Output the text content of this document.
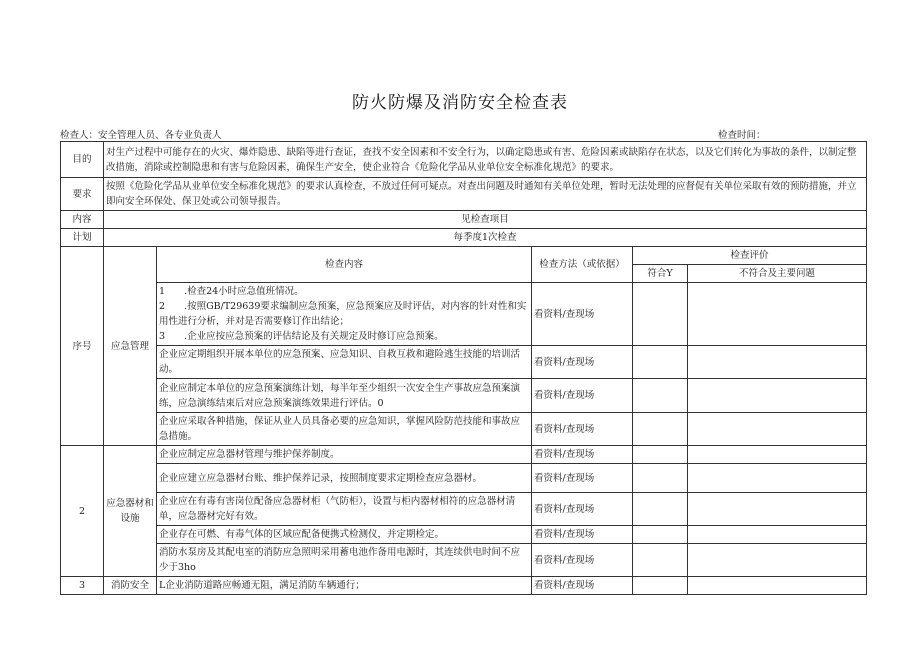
防火防爆及消防安全检查表
检查人：安全管理人员、各专业负责人	检查时间：
目的	对生产过程中可能存在的火灾、爆炸隐患、缺陷等进行查证，查找不安全因素和不安全行为，以确定隐患或有害、危险因素或缺陷存在状态，以及它们转化为事故的条件，以制定整改措施，消除或控制隐患和有害与危险因素，确保生产安全，使企业符合《危险化学品从业单位安全标准化规范》的要求。				
要求	按照《危险化学品从业单位安全标准化规范》的要求认真检查，不放过任何可疑点。对查出问题及时通知有关单位处理，暂时无法处理的应督促有关单位采取有效的预防措施，并立即向安全环保处、保卫处或公司领导报告。				
内容	见检查项目				
计划	每季度1次检查				
序号	应急管理	检查内容	检查方法（或依据）	检查评价	
				符合Y	不符合及主要问题

		1　　.检查24小时应急值班情况。
2　　.按照GB/T29639要求编制应急预案，应急预案应及时评估，对内容的针对性和实用性进行分析，并对是否需要修订作出结论；
3　　.企业应按应急预案的评估结论及有关规定及时修订应急预案。	看资料/查现场		
		企业应定期组织开展本单位的应急预案、应急知识、自救互救和避险逃生技能的培训活动。	看资料/查现场		
		企业应制定本单位的应急预案演练计划，每半年至少组织一次安全生产事故应急预案演练，应急演练结束后对应急预案演练效果进行评估。0	看资料/查现场		
		企业应采取各种措施，保证从业人员具备必要的应急知识，掌握风险防范技能和事故应急措施。	看资料/查现场		
2	应急器材和设施	企业应制定应急器材管理与维护保养制度。	看资料/查现场		
		企业应建立应急器材台账、维护保养记录，按照制度要求定期检查应急器材。	看资料/查现场		
		企业应在有毒有害岗位配备应急器材柜（气防柜），设置与柜内器材相符的应急器材清单，应急器材完好有效。	看资料/查现场		
		企业存在可燃、有毒气体的区域应配备便携式检测仪，并定期检定。	看资料/查现场		
		消防水泵房及其配电室的消防应急照明采用蓄电池作备用电源时，其连续供电时间不应少于3ho	看资料/查现场		
3	消防安全	L企业消防道路应畅通无阻，满足消防车辆通行；	看资料/查现场		
